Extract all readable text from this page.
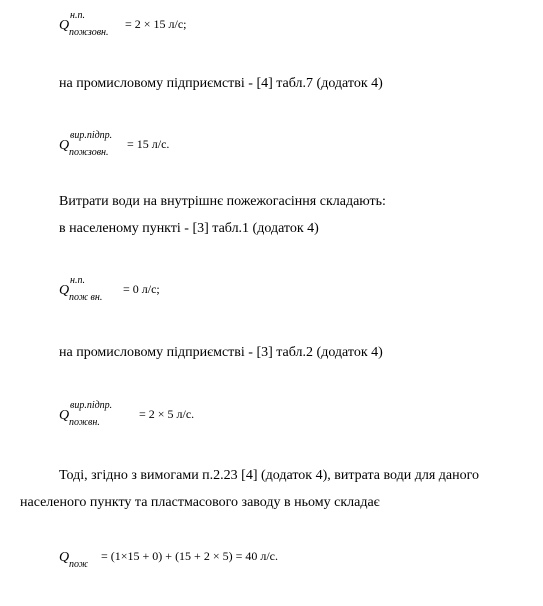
Q
н.п.
пожзовн.
= 2 × 15 л/с;
на промисловому підприємстві - [4] табл.7 (додаток 4)
Q
вир.підпр.
пожзовн.
= 15 л/с.
Витрати води на внутрішнє пожежогасіння складають:
в населеному пункті - [3] табл.1 (додаток 4)
Q
н.п.
пож вн.
= 0 л/с;
на промисловому підприємстві - [3] табл.2 (додаток 4)
Q
вир.підпр.
пожвн.
= 2 × 5 л/с.
Тоді, згідно з вимогами п.2.23 [4] (додаток 4), витрата води для даного
населеного пункту та пластмасового заводу в ньому складає
Q пож
= (1×15 + 0) + (15 + 2 × 5) = 40 л/с.
